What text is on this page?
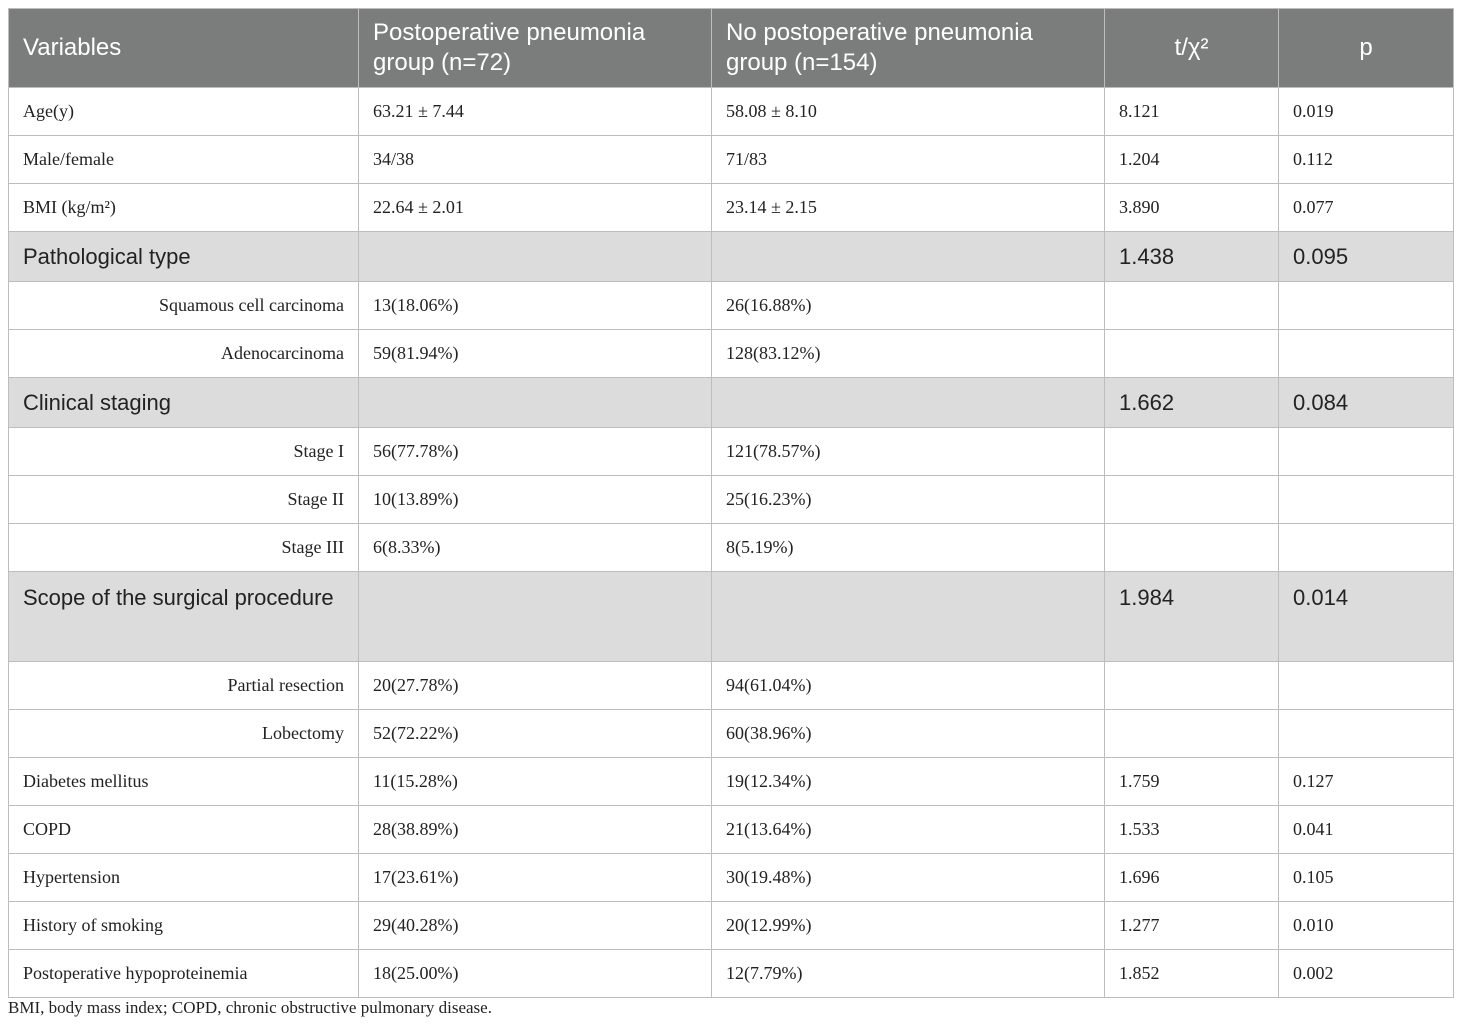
Variables	Postoperative pneumonia group (n=72)	No postoperative pneumonia group (n=154)	t/χ²	p
Age(y)	63.21 ± 7.44	58.08 ± 8.10	8.121	0.019
Male/female	34/38	71/83	1.204	0.112
BMI (kg/m²)	22.64 ± 2.01	23.14 ± 2.15	3.890	0.077
Pathological type			1.438	0.095
Squamous cell carcinoma	13(18.06%)	26(16.88%)		
Adenocarcinoma	59(81.94%)	128(83.12%)		
Clinical staging			1.662	0.084
Stage I	56(77.78%)	121(78.57%)		
Stage II	10(13.89%)	25(16.23%)		
Stage III	6(8.33%)	8(5.19%)		
Scope of the surgical procedure			1.984	0.014
Partial resection	20(27.78%)	94(61.04%)		
Lobectomy	52(72.22%)	60(38.96%)		
Diabetes mellitus	11(15.28%)	19(12.34%)	1.759	0.127
COPD	28(38.89%)	21(13.64%)	1.533	0.041
Hypertension	17(23.61%)	30(19.48%)	1.696	0.105
History of smoking	29(40.28%)	20(12.99%)	1.277	0.010
Postoperative hypoproteinemia	18(25.00%)	12(7.79%)	1.852	0.002
BMI, body mass index; COPD, chronic obstructive pulmonary disease.
